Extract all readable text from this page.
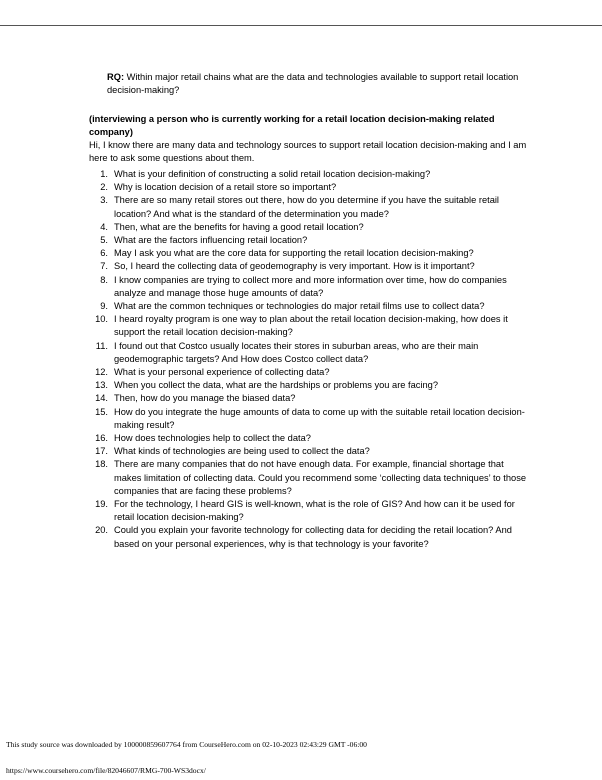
RQ: Within major retail chains what are the data and technologies available to support retail location decision-making?
(interviewing a person who is currently working for a retail location decision-making related company)
Hi, I know there are many data and technology sources to support retail location decision-making and I am here to ask some questions about them.
1. What is your definition of constructing a solid retail location decision-making?
2. Why is location decision of a retail store so important?
3. There are so many retail stores out there, how do you determine if you have the suitable retail location? And what is the standard of the determination you made?
4. Then, what are the benefits for having a good retail location?
5. What are the factors influencing retail location?
6. May I ask you what are the core data for supporting the retail location decision-making?
7. So, I heard the collecting data of geodemography is very important. How is it important?
8. I know companies are trying to collect more and more information over time, how do companies analyze and manage those huge amounts of data?
9. What are the common techniques or technologies do major retail films use to collect data?
10. I heard royalty program is one way to plan about the retail location decision-making, how does it support the retail location decision-making?
11. I found out that Costco usually locates their stores in suburban areas, who are their main geodemographic targets? And How does Costco collect data?
12. What is your personal experience of collecting data?
13. When you collect the data, what are the hardships or problems you are facing?
14. Then, how do you manage the biased data?
15. How do you integrate the huge amounts of data to come up with the suitable retail location decision-making result?
16. How does technologies help to collect the data?
17. What kinds of technologies are being used to collect the data?
18. There are many companies that do not have enough data. For example, financial shortage that makes limitation of collecting data. Could you recommend some ‘collecting data techniques’ to those companies that are facing these problems?
19. For the technology, I heard GIS is well-known, what is the role of GIS? And how can it be used for retail location decision-making?
20. Could you explain your favorite technology for collecting data for deciding the retail location? And based on your personal experiences, why is that technology is your favorite?
This study source was downloaded by 100000859607764 from CourseHero.com on 02-10-2023 02:43:29 GMT -06:00
https://www.coursehero.com/file/82046607/RMG-700-WS3docx/
